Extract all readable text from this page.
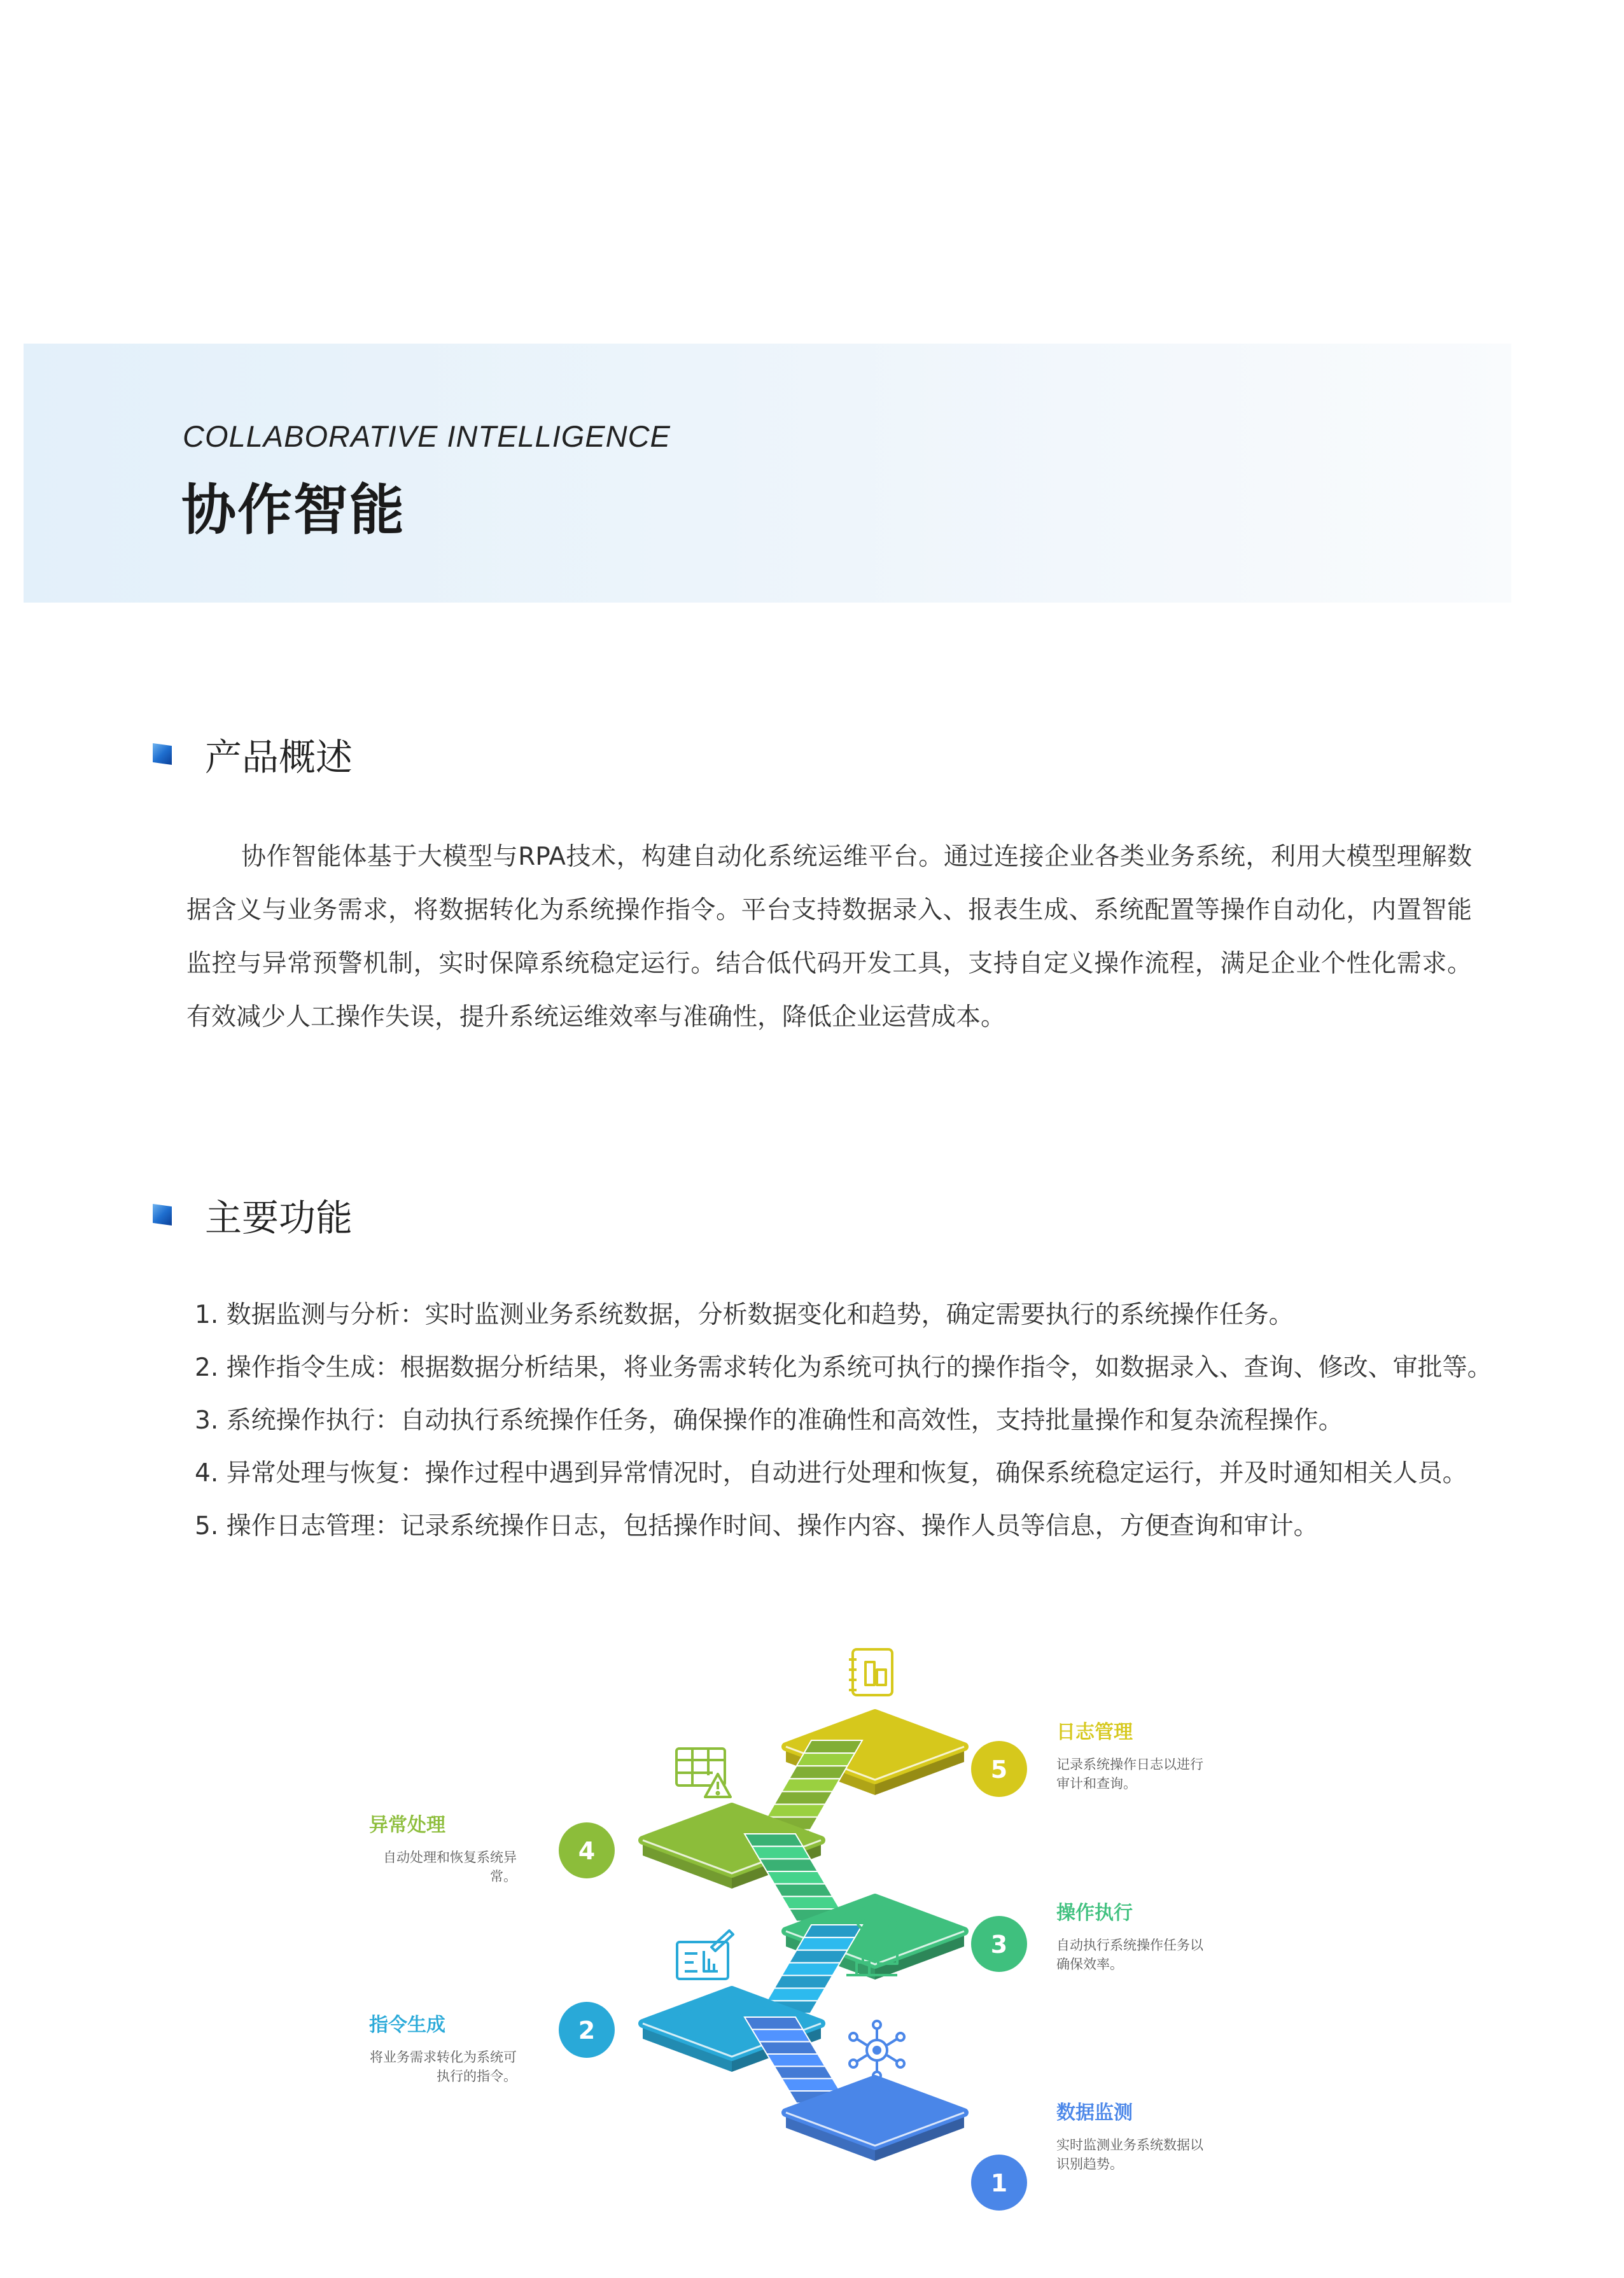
COLLABORATIVE INTELLIGENCE
协作智能
产品概述
协作智能体基于大模型与RPA技术，构建自动化系统运维平台。通过连接企业各类业务系统，利用大模型理解数据含义与业务需求，将数据转化为系统操作指令。平台支持数据录入、报表生成、系统配置等操作自动化，内置智能监控与异常预警机制，实时保障系统稳定运行。结合低代码开发工具，支持自定义操作流程，满足企业个性化需求。有效减少人工操作失误，提升系统运维效率与准确性，降低企业运营成本。
主要功能
1. 数据监测与分析：实时监测业务系统数据，分析数据变化和趋势，确定需要执行的系统操作任务。
2. 操作指令生成：根据数据分析结果，将业务需求转化为系统可执行的操作指令，如数据录入、查询、修改、审批等。
3. 系统操作执行：自动执行系统操作任务，确保操作的准确性和高效性，支持批量操作和复杂流程操作。
4. 异常处理与恢复：操作过程中遇到异常情况时，自动进行处理和恢复，确保系统稳定运行，并及时通知相关人员。
5. 操作日志管理：记录系统操作日志，包括操作时间、操作内容、操作人员等信息，方便查询和审计。
1
数据监测
实时监测业务系统数据以
识别趋势。
2
指令生成
将业务需求转化为系统可
执行的指令。
3
操作执行
自动执行系统操作任务以
确保效率。
4
异常处理
自动处理和恢复系统异
常。
5
日志管理
记录系统操作日志以进行
审计和查询。
